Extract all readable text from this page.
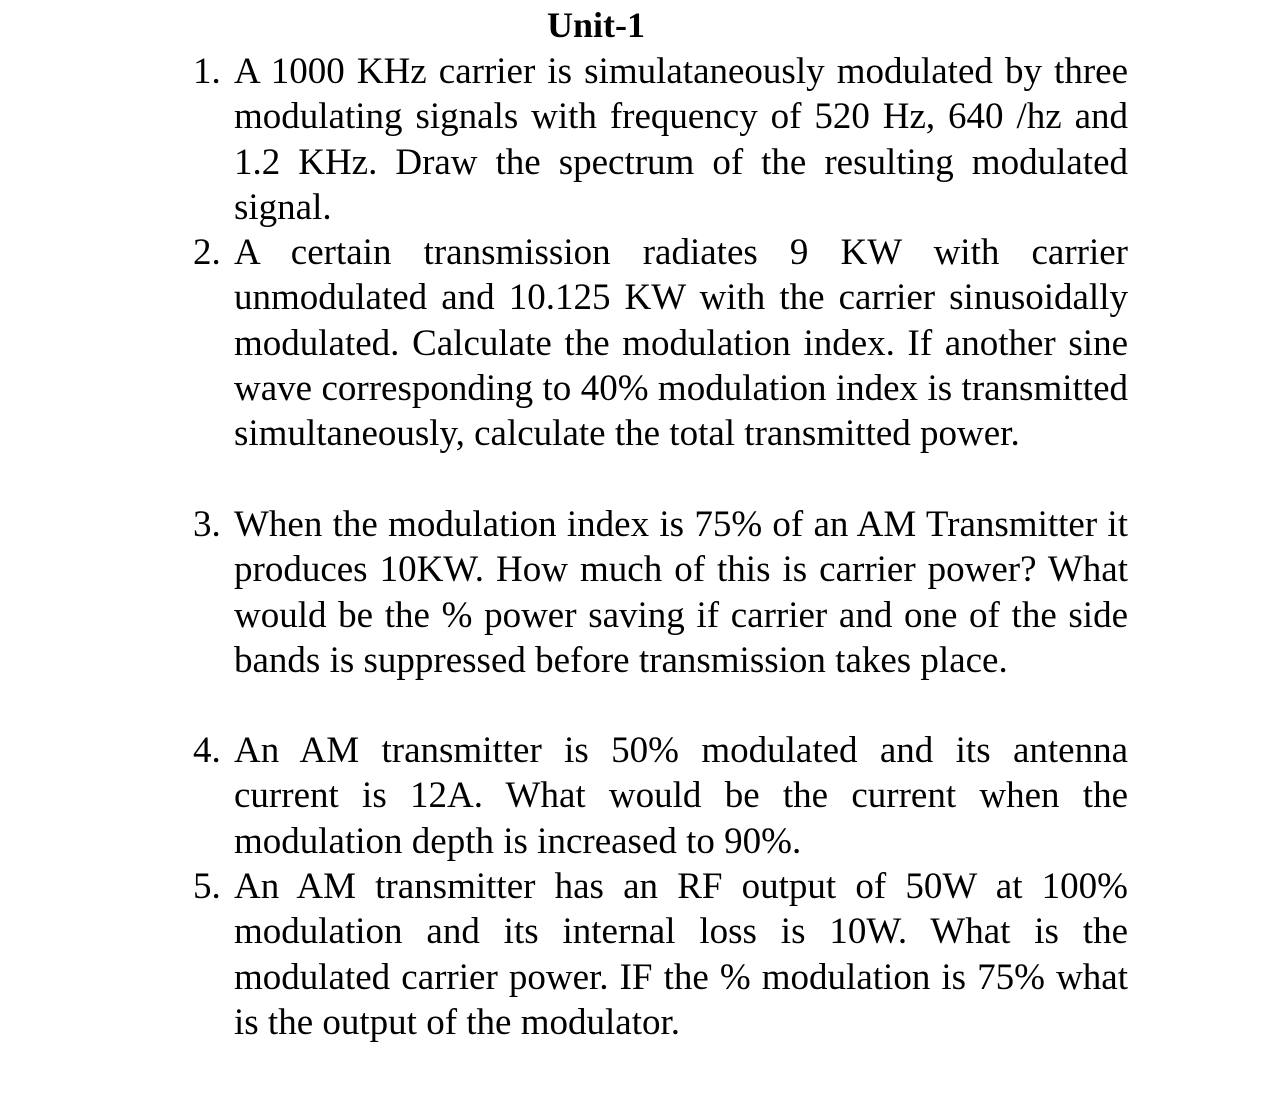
Unit-1
1. A 1000 KHz carrier is simulataneously modulated by three modulating signals with frequency of 520 Hz, 640 /hz and 1.2 KHz. Draw the spectrum of the resulting modulated signal.
2. A certain transmission radiates 9 KW with carrier unmodulated and 10.125 KW with the carrier sinusoidally modulated. Calculate the modulation index. If another sine wave corresponding to 40% modulation index is transmitted simultaneously, calculate the total transmitted power.
3. When the modulation index is 75% of an AM Transmitter it produces 10KW. How much of this is carrier power? What would be the % power saving if carrier and one of the side bands is suppressed before transmission takes place.
4. An AM transmitter is 50% modulated and its antenna current is 12A. What would be the current when the modulation depth is increased to 90%.
5. An AM transmitter has an RF output of 50W at 100% modulation and its internal loss is 10W. What is the modulated carrier power. IF the % modulation is 75% what is the output of the modulator.
